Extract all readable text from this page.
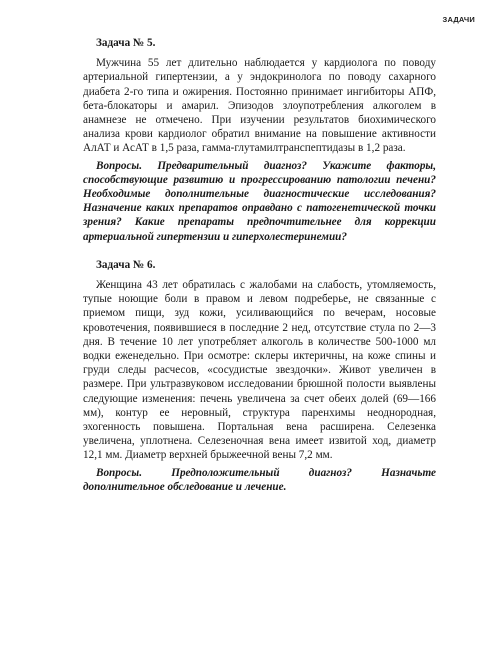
ЗАДАЧИ
Задача № 5.

Мужчина 55 лет длительно наблюдается у кардиолога по поводу артериальной гипертензии, а у эндокринолога по поводу сахарного диабета 2-го типа и ожирения. Постоянно принимает ингибиторы АПФ, бета-блокаторы и амарил. Эпизодов злоупотребления алкоголем в анамнезе не отмечено. При изучении результатов биохимического анализа крови кардиолог обратил внимание на повышение активности АлАТ и АсАТ в 1,5 раза, гамма-глутамилтранспептидазы в 1,2 раза.

Вопросы. Предварительный диагноз? Укажите факторы, способствующие развитию и прогрессированию патологии печени? Необходимые дополнительные диагностические исследования? Назначение каких препаратов оправдано с патогенетической точки зрения? Какие препараты предпочтительнее для коррекции артериальной гипертензии и гиперхолестеринемии?

Задача № 6.

Женщина 43 лет обратилась с жалобами на слабость, утомляемость, тупые ноющие боли в правом и левом подреберье, не связанные с приемом пищи, зуд кожи, усиливающийся по вечерам, носовые кровотечения, появившиеся в последние 2 нед, отсутствие стула по 2—3 дня. В течение 10 лет употребляет алкоголь в количестве 500-1000 мл водки еженедельно. При осмотре: склеры иктеричны, на коже спины и груди следы расчесов, «сосудистые звездочки». Живот увеличен в размере. При ультразвуковом исследовании брюшной полости выявлены следующие изменения: печень увеличена за счет обеих долей (69—166 мм), контур ее неровный, структура паренхимы неоднородная, эхогенность повышена. Портальная вена расширена. Селезенка увеличена, уплотнена. Селезеночная вена имеет извитой ход, диаметр 12,1 мм. Диаметр верхней брыжеечной вены 7,2 мм.

Вопросы. Предположительный диагноз? Назначьте дополнительное обследование и лечение.
